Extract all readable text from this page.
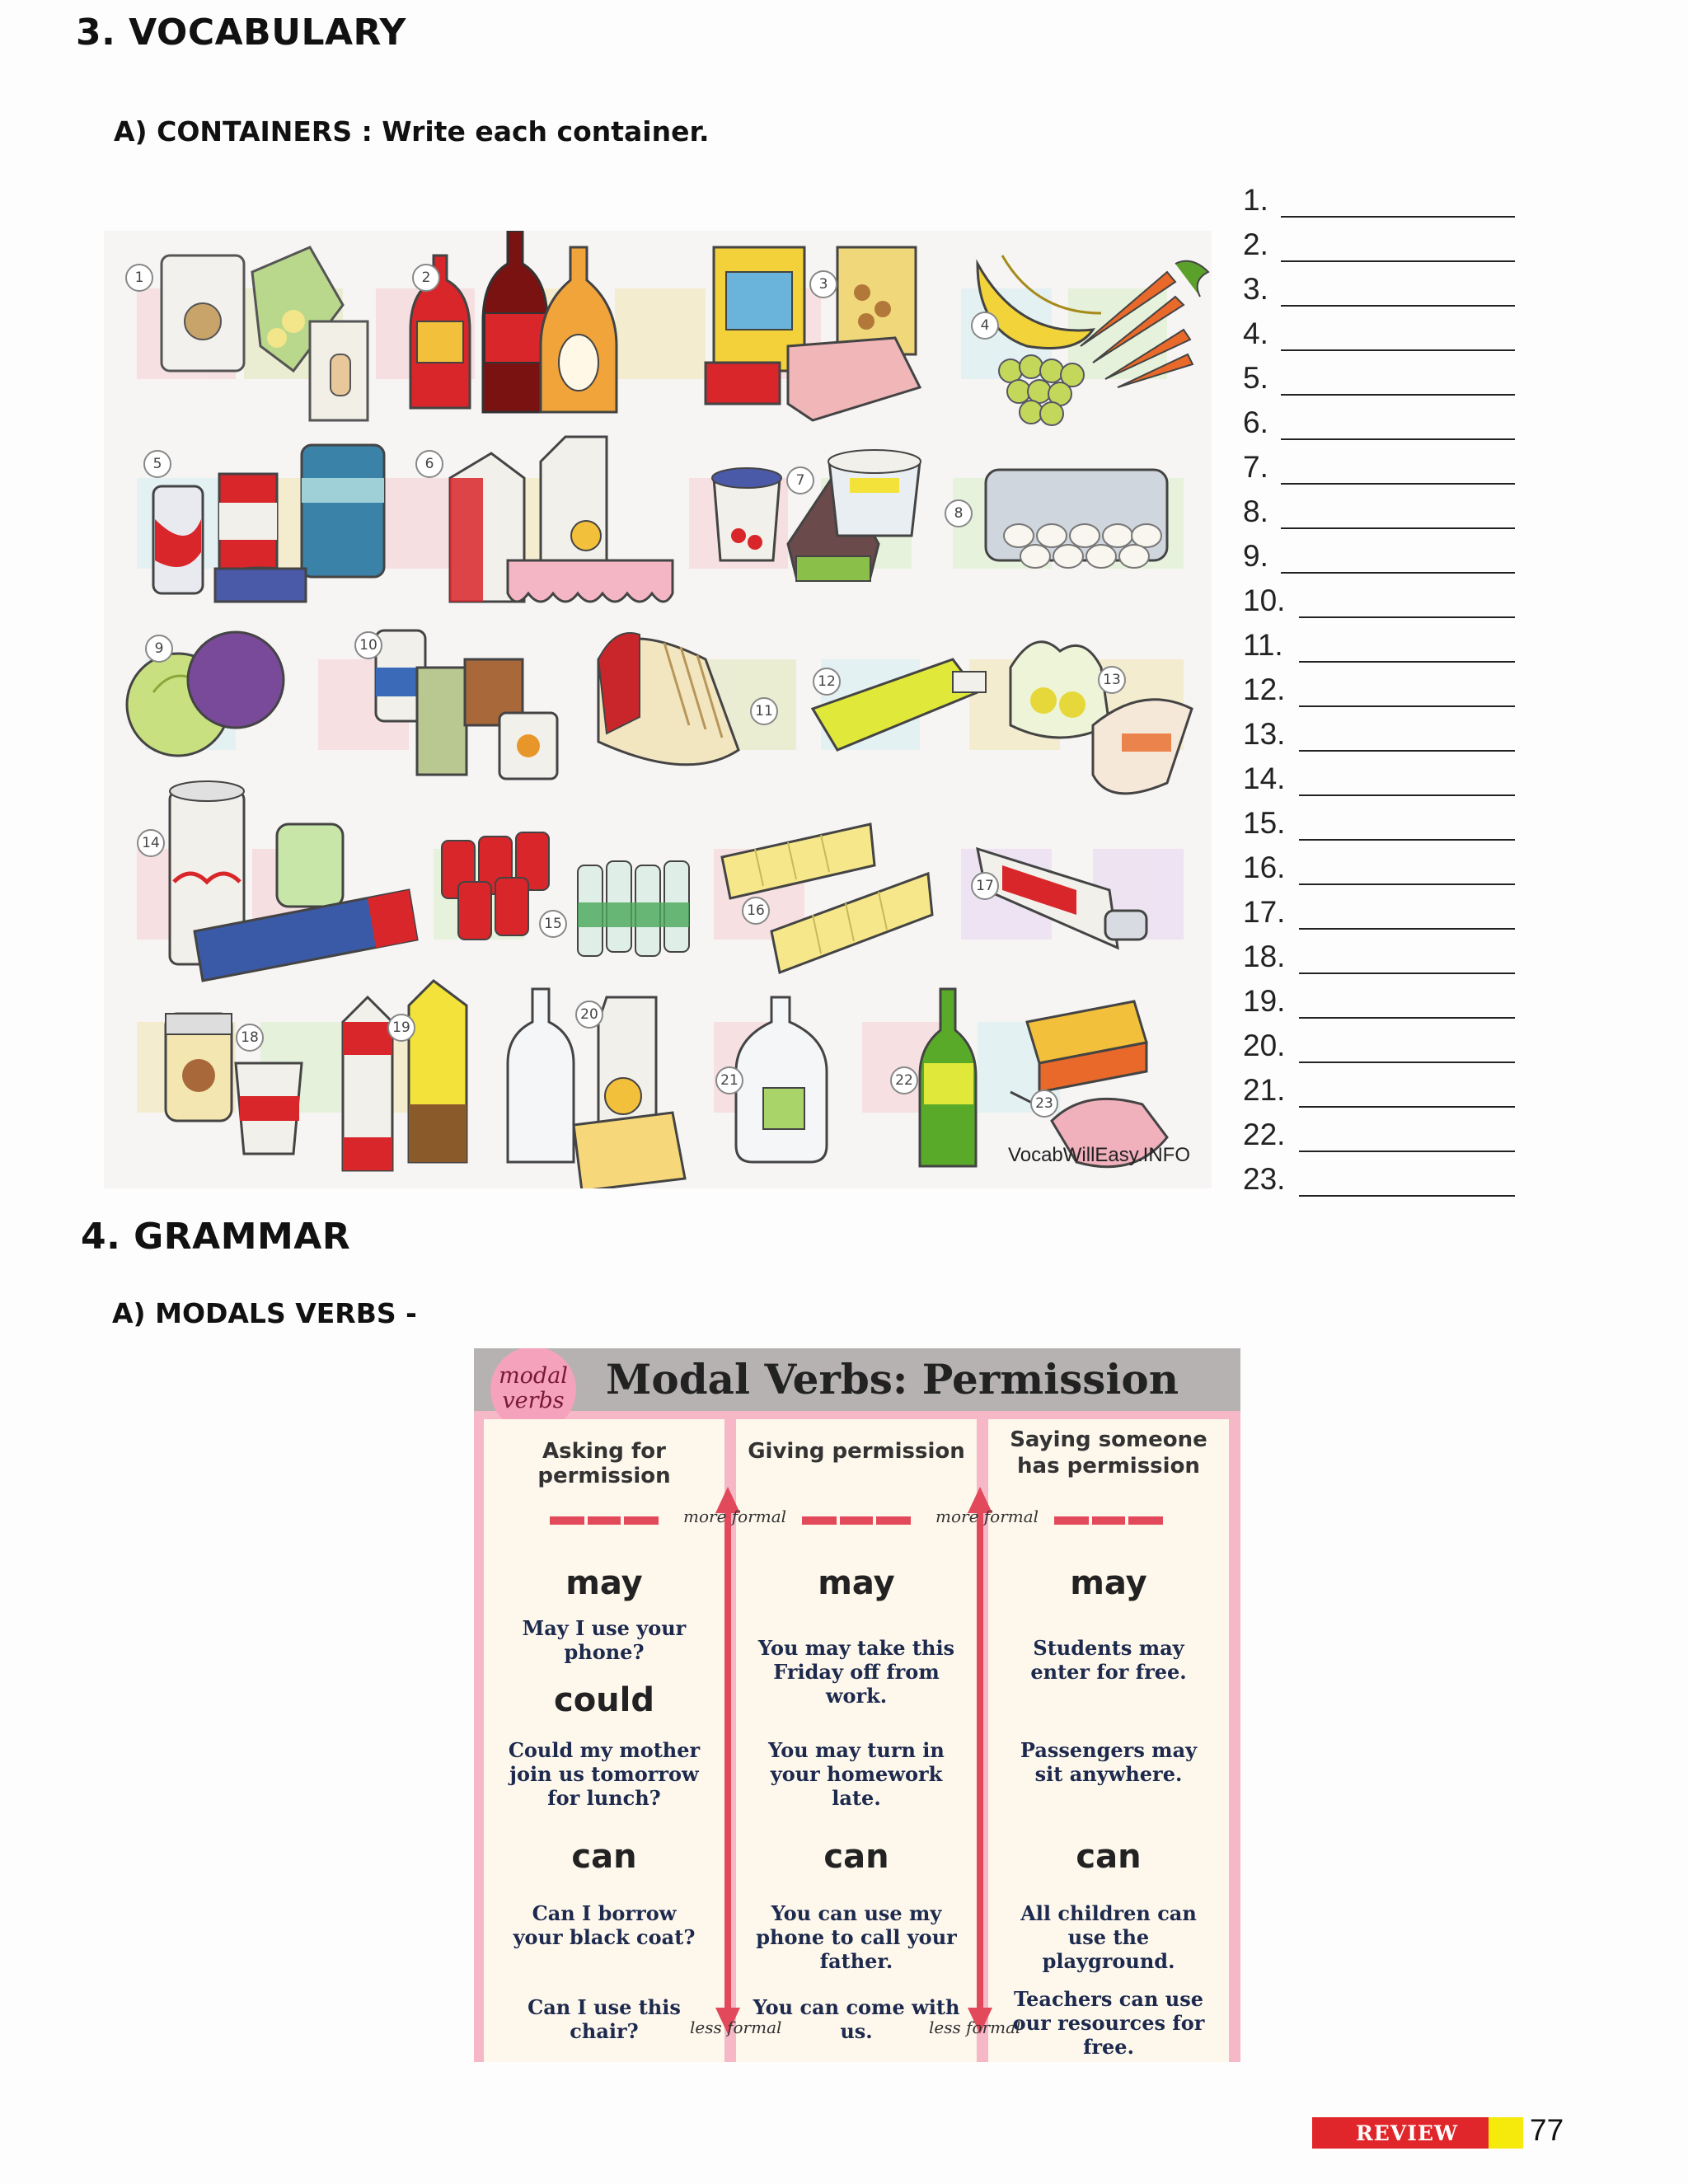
3. VOCABULARY
A) CONTAINERS : Write each container.
1	2	3
4
5	6
7
8
9	10
11
12	13
14
15
16
17
18
19
20
21	22
23
VocabWillEasy.INFO
1.
2.
3.
4.
5.
6.
7.
8.
9.
10.
11.
12.
13.
14.
15.
16.
17.
18.
19.
20.
21.
22.
23.
4. GRAMMAR
A) MODALS VERBS -
Modal Verbs: Permission
modal
verbs
Asking for permission
may
May I use your phone?
could
Could my mother join us tomorrow for lunch?
can
Can I borrow your black coat?
Can I use this chair?
Giving permission
may
You may take this Friday off from work.
You may turn in your homework late.
can
You can use my phone to call your father.
You can come with us.
Saying someone
has permission
may
Students may enter for free.
Passengers may sit anywhere.
can
All children can use the playground.
Teachers can use our resources for free.
more formal	more formal
less formal	less formal
REVIEW	77
